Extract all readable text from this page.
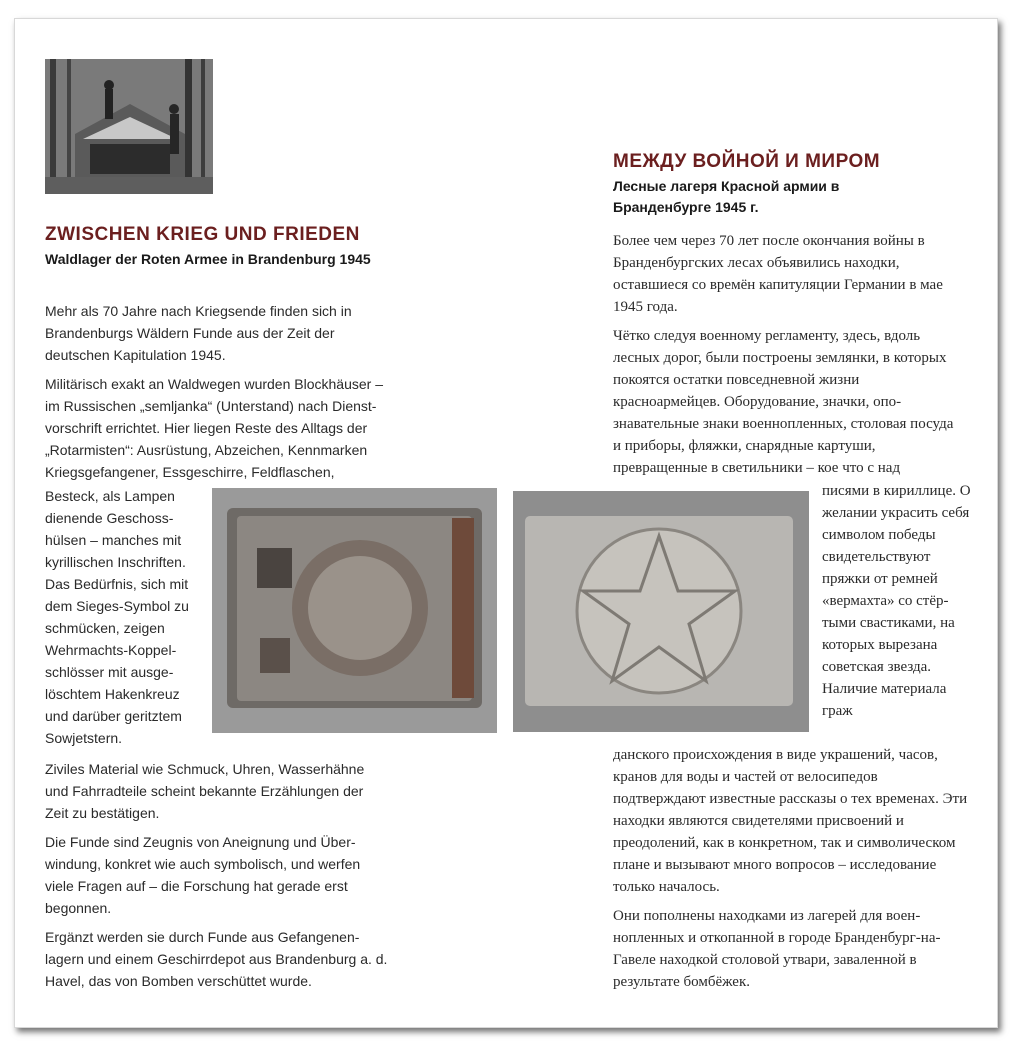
ZWISCHEN KRIEG UND FRIEDEN
Waldlager der Roten Armee in Brandenburg 1945

Mehr als 70 Jahre nach Kriegsende finden sich in Brandenburgs Wäldern Funde aus der Zeit der deutschen Kapitulation 1945.

Militärisch exakt an Waldwegen wurden Blockhäuser – im Russischen „semljanka“ (Unterstand) nach Dienstvorschrift errichtet. Hier liegen Reste des Alltags der „Rotarmisten“: Ausrüstung, Abzeichen, Kennmarken Kriegsgefangener, Essgeschirre, Feldflaschen,

Besteck, als Lampen dienende Geschosshülsen – manches mit kyrillischen Inschriften. Das Bedürfnis, sich mit dem Sieges-Symbol zu schmücken, zeigen Wehrmachts-Koppelschlösser mit ausgelöschtem Hakenkreuz und darüber geritztem Sowjetstern.

Ziviles Material wie Schmuck, Uhren, Wasserhähne und Fahrradteile scheint bekannte Erzählungen der Zeit zu bestätigen.

Die Funde sind Zeugnis von Aneignung und Überwindung, konkret wie auch symbolisch, und werfen viele Fragen auf – die Forschung hat gerade erst begonnen.

Ergänzt werden sie durch Funde aus Gefangenenlagern und einem Geschirrdepot aus Brandenburg a. d. Havel, das von Bomben verschüttet wurde.

МЕЖДУ ВОЙНОЙ И МИРОМ
Лесные лагеря Красной армии в Бранденбурге 1945 г.

Более чем через 70 лет после окончания войны в Бранденбургских лесах объявились находки, оставшиеся со времён капитуляции Германии в мае 1945 года.

Чётко следуя военному регламенту, здесь, вдоль лесных дорог, были построены землянки, в которых покоятся остатки повседневной жизни красноармейцев. Оборудование, значки, опознавательные знаки военнопленных, столовая посуда и приборы, фляжки, снарядные картуши, превращенные в светильники – кое что с над

писями в кириллице. О желании украсить себя символом победы свидетельствуют пряжки от ремней «вермахта» со стёртыми свастиками, на которых вырезана советская звезда. Наличие материала граж

данского происхождения в виде украшений, часов, кранов для воды и частей от велосипедов подтверждают известные рассказы о тех временах. Эти находки являются свидетелями присвоений и преодолений, как в конкретном, так и символическом плане и вызывают много вопросов – исследование только началось.

Они пополнены находками из лагерей для военнопленных и откопанной в городе Бранденбург-на-Гавеле находкой столовой утвари, заваленной в результате бомбёжек.
